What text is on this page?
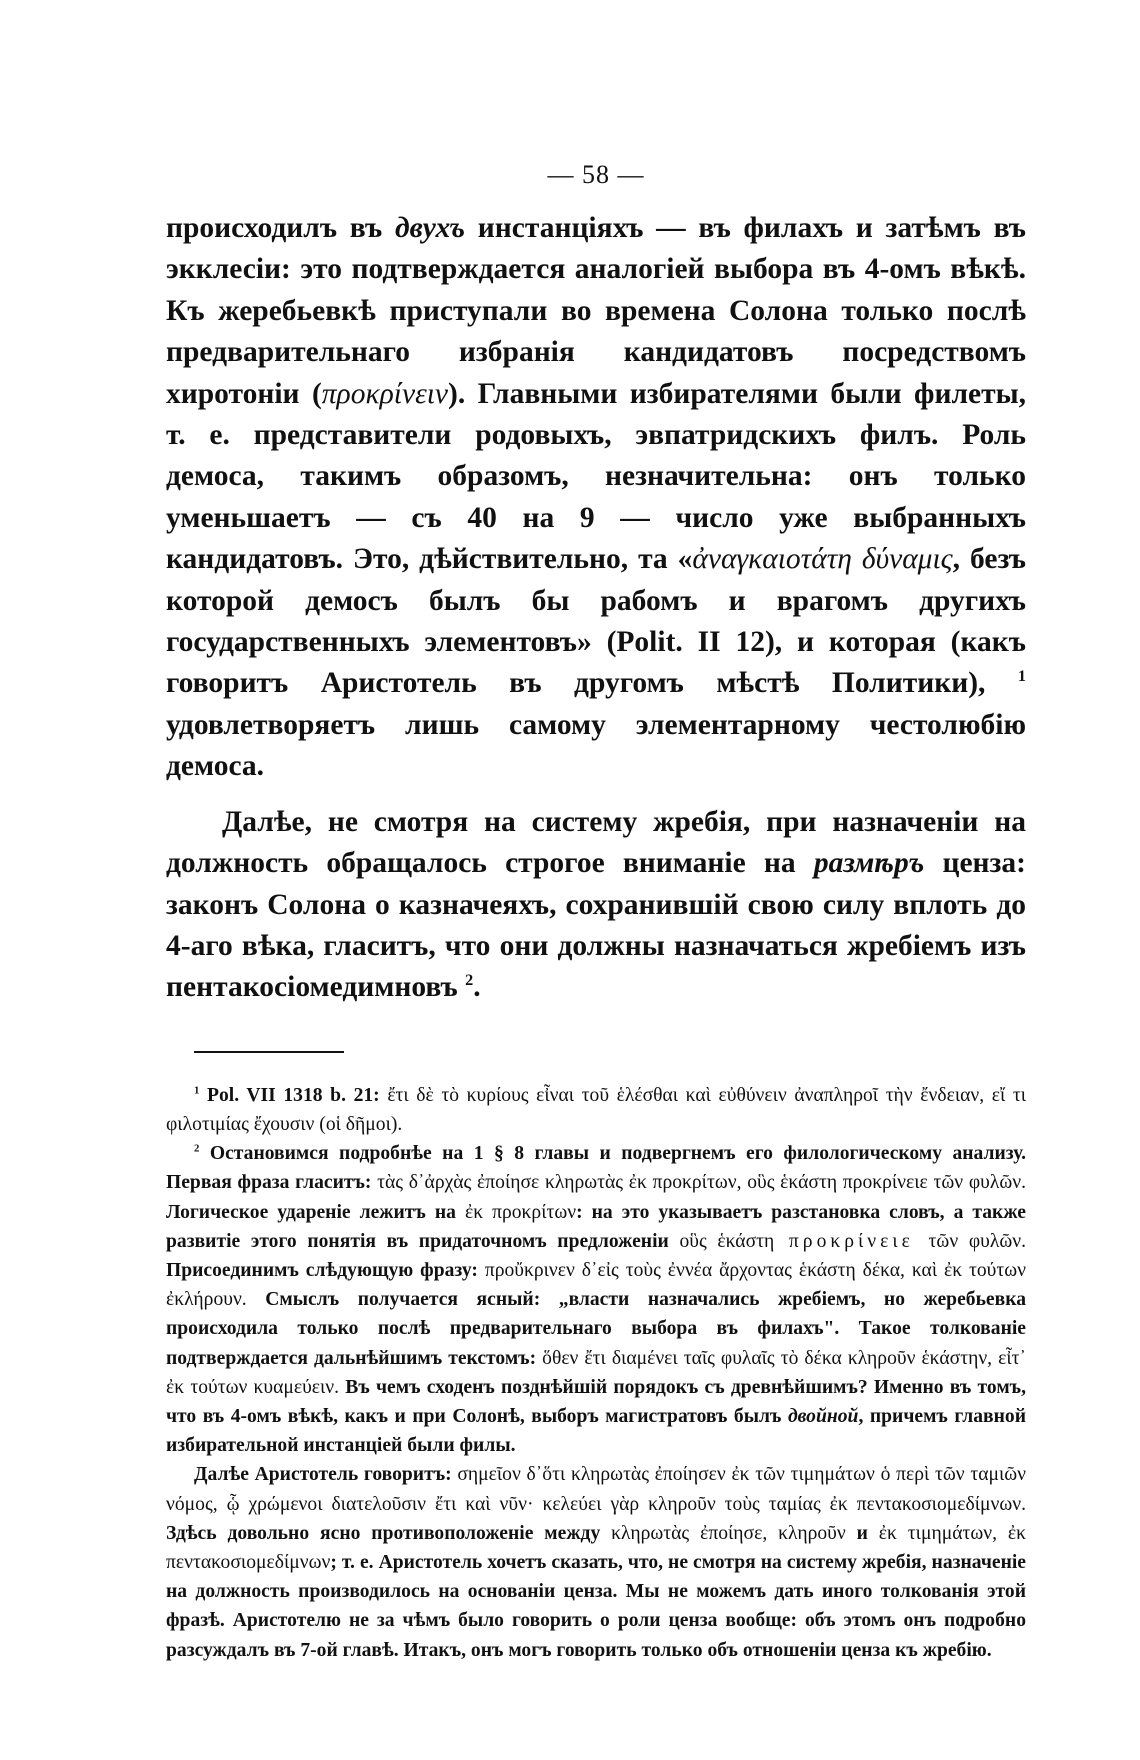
— 58 —

происходилъ въ двухъ инстанціяхъ — въ филахъ и затѣмъ въ экклесіи: это подтверждается аналогіей выбора въ 4-омъ вѣкѣ. Къ жеребьевкѣ приступали во времена Солона только послѣ предварительнаго избранія кандидатовъ посредствомъ хиротоніи (προκρίνειν). Главными избирателями были филеты, т. е. представители родовыхъ, эвпатридскихъ филъ. Роль демоса, такимъ образомъ, незначительна: онъ только уменьшаетъ — съ 40 на 9 — число уже выбранныхъ кандидатовъ. Это, дѣйствительно, та «ἀναγκαιοτάτη δύναμις, безъ которой демосъ былъ бы рабомъ и врагомъ другихъ государственныхъ элементовъ» (Polit. II 12), и которая (какъ говоритъ Аристотель въ другомъ мѣстѣ Политики), $^1$ удовлетворяетъ лишь самому элементарному честолюбію демоса.

Далѣе, не смотря на систему жребія, при назначеніи на должность обращалось строгое вниманіе на размѣръ ценза: законъ Солона о казначеяхъ, сохранившій свою силу вплоть до 4-аго вѣка, гласитъ, что они должны назначаться жребіемъ изъ пентакосіомедимновъ $^2$.

$^1$ Pol. VII 1318 b. 21: ἔτι δὲ τὸ κυρίους εἶναι τοῦ ἑλέσθαι καὶ εὐθύνειν ἀναπληροῖ τὴν ἔνδειαν, εἴ τι φιλοτιμίας ἔχουσιν (οἱ δῆμοι).

$^2$ Остановимся подробнѣе на 1 § 8 главы и подвергнемъ его филологическому анализу. Первая фраза гласитъ: τὰς δ᾽ἀρχὰς ἐποίησε κληρωτὰς ἐκ προκρίτων, οὓς ἑκάστη προκρίνειε τῶν φυλῶν. Логическое удареніе лежитъ на ἐκ προκρίτων: на это указываетъ разстановка словъ, а также развитіе этого понятія въ придаточномъ предложеніи οὓς ἑκάστη προκρίνειε τῶν φυλῶν. Присоединимъ слѣдующую фразу: προὔκρινεν δ᾽εἰς τοὺς ἐννέα ἄρχοντας ἑκάστη δέκα, καὶ ἐκ τούτων ἐκλήρουν. Смыслъ получается ясный: „власти назначались жребіемъ, но жеребьевка происходила только послѣ предварительнаго выбора въ филахъ". Такое толкованіе подтверждается дальнѣйшимъ текстомъ: ὅθεν ἔτι διαμένει ταῖς φυλαῖς τὸ δέκα κληροῦν ἑκάστην, εἶτ᾽ ἐκ τούτων κυαμεύειν. Въ чемъ сходенъ позднѣйшій порядокъ съ древнѣйшимъ? Именно въ томъ, что въ 4-омъ вѣкѣ, какъ и при Солонѣ, выборъ магистратовъ былъ двойной, причемъ главной избирательной инстанціей были филы.

Далѣе Аристотель говоритъ: σημεῖον δ᾽ὅτι κληρωτὰς ἐποίησεν ἐκ τῶν τιμημάτων ὁ περὶ τῶν ταμιῶν νόμος, ᾧ χρώμενοι διατελοῦσιν ἔτι καὶ νῦν· κελεύει γὰρ κληροῦν τοὺς ταμίας ἐκ πεντακοσιομεδίμνων. Здѣсь довольно ясно противоположеніе между κληρωτὰς ἐποίησε, κληροῦν и ἐκ τιμημάτων, ἐκ πεντακοσιομεδίμνων; т. е. Аристотель хочетъ сказать, что, не смотря на систему жребія, назначеніе на должность производилось на основаніи ценза. Мы не можемъ дать иного толкованія этой фразѣ. Аристотелю не за чѣмъ было говорить о роли ценза вообще: объ этомъ онъ подробно разсуждалъ въ 7-ой главѣ. Итакъ, онъ могъ говорить только объ отношеніи ценза къ жребію.
